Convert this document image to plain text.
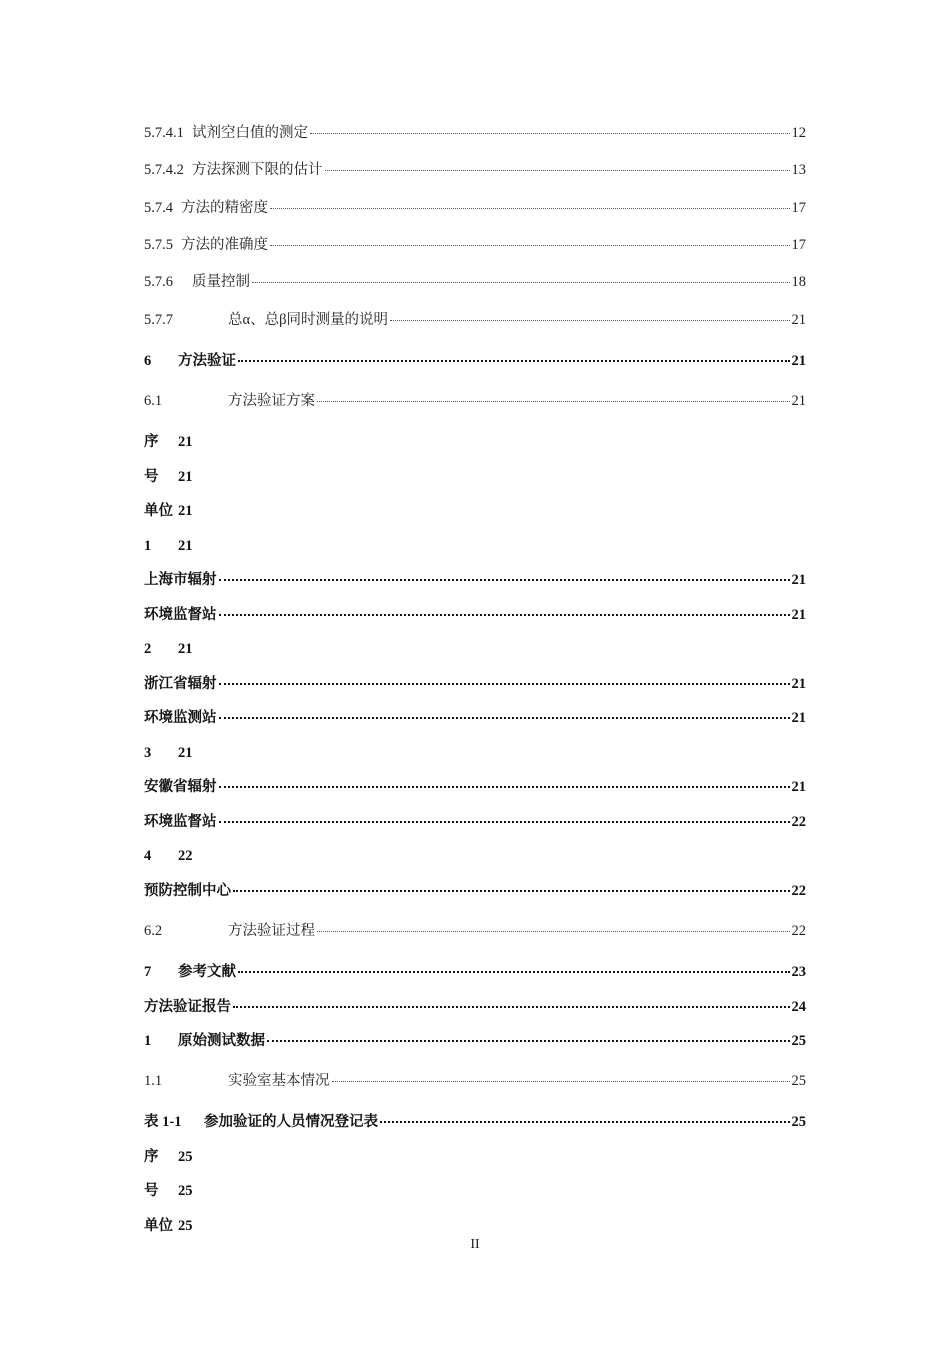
5.7.4.1 试剂空白值的测定	12
5.7.4.2 方法探测下限的估计	13
5.7.4 方法的精密度	17
5.7.5 方法的准确度	17
5.7.6	质量控制	18
5.7.7	总α、总β同时测量的说明	21
6	方法验证	21
6.1	方法验证方案	21
序	21
号	21
单位 21
1	21
上海市辐射	21
环境监督站	21
2	21
浙江省辐射	21
环境监测站	21
3	21
安徽省辐射	21
环境监督站	22
4	22
预防控制中心	22
6.2	方法验证过程	22
7	参考文献	23
方法验证报告	24
1	原始测试数据	25
1.1	实验室基本情况	25
表 1-1	参加验证的人员情况登记表	25
序	25
号	25
单位 25
II
